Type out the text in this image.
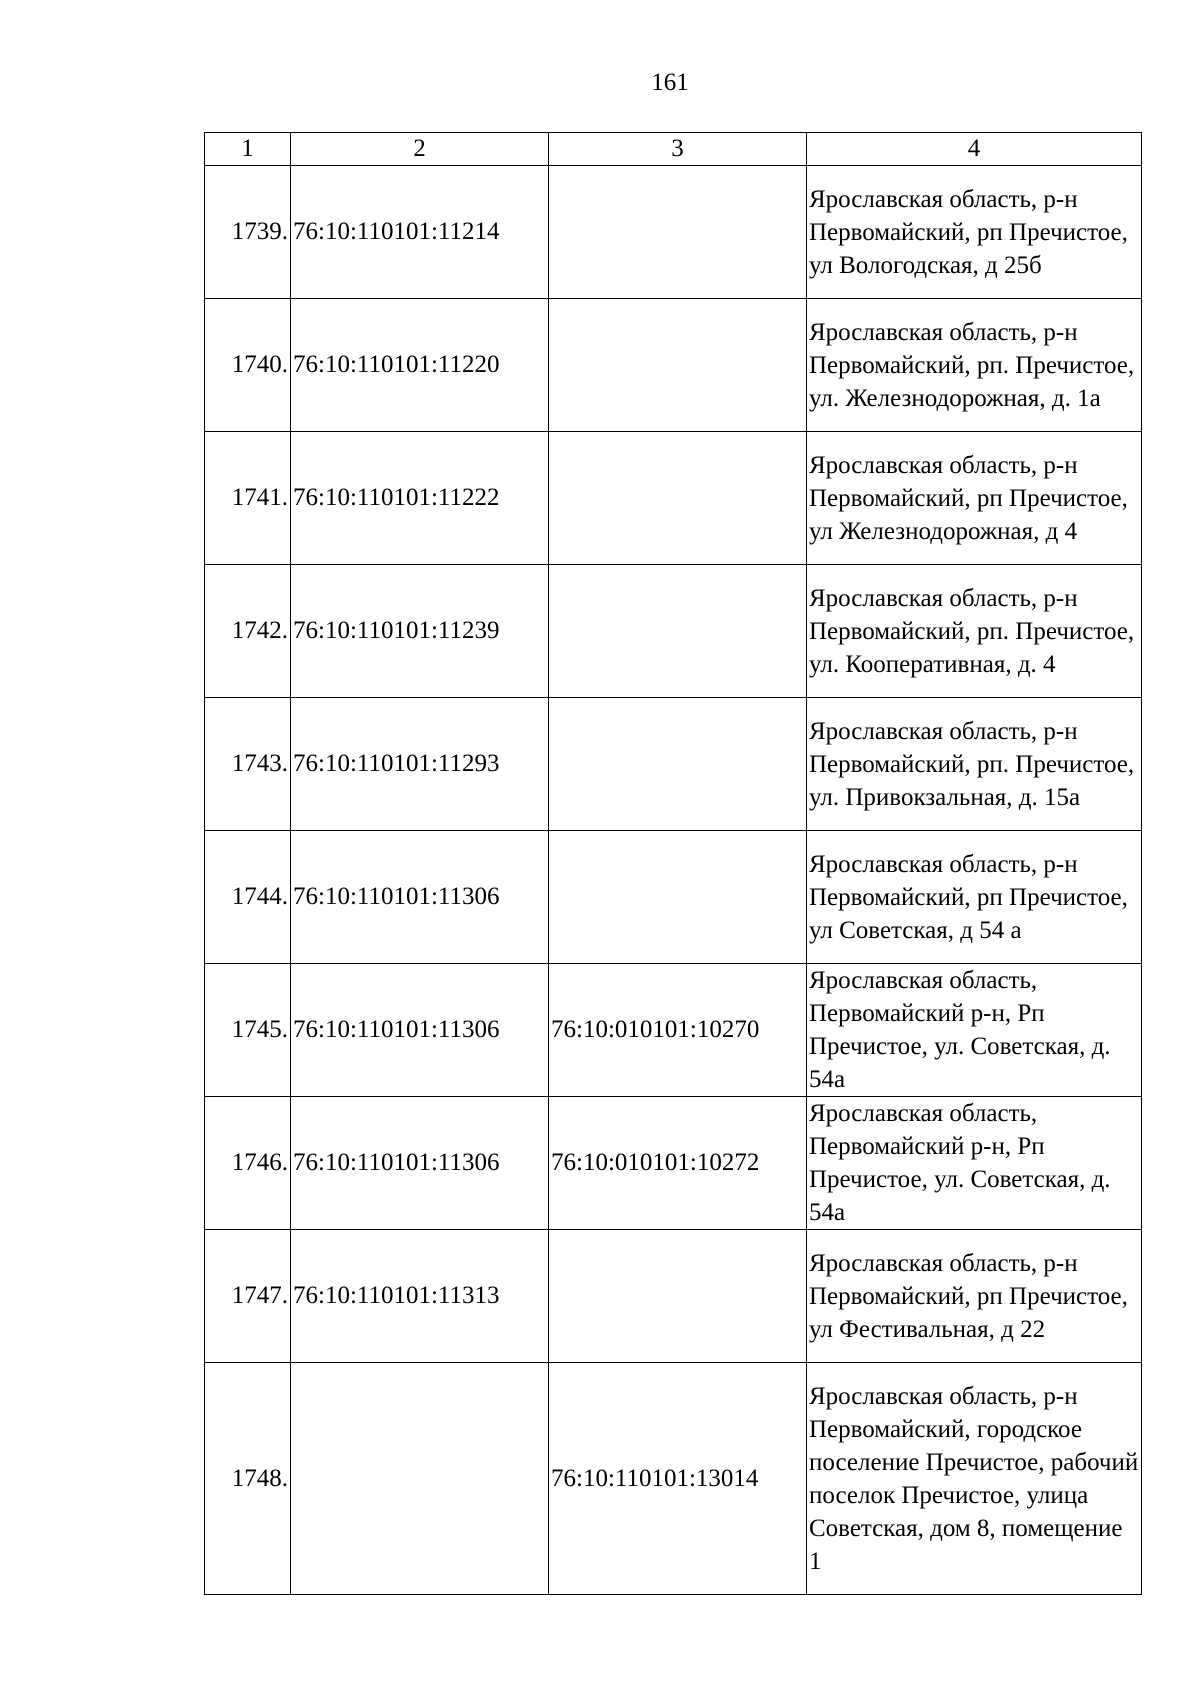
161
1	2	3	4
1739.	76:10:110101:11214		Ярославская область, р-н Первомайский, рп Пречистое, ул Вологодская, д 25б
1740.	76:10:110101:11220		Ярославская область, р-н Первомайский, рп. Пречистое, ул. Железнодорожная, д. 1а
1741.	76:10:110101:11222		Ярославская область, р-н Первомайский, рп Пречистое, ул Железнодорожная, д 4
1742.	76:10:110101:11239		Ярославская область, р-н Первомайский, рп. Пречистое, ул. Кооперативная, д. 4
1743.	76:10:110101:11293		Ярославская область, р-н Первомайский, рп. Пречистое, ул. Привокзальная, д. 15а
1744.	76:10:110101:11306		Ярославская область, р-н Первомайский, рп Пречистое, ул Советская, д 54 а
1745.	76:10:110101:11306	76:10:010101:10270	Ярославская область, Первомайский р-н, Рп Пречистое, ул. Советская, д. 54а
1746.	76:10:110101:11306	76:10:010101:10272	Ярославская область, Первомайский р-н, Рп Пречистое, ул. Советская, д. 54а
1747.	76:10:110101:11313		Ярославская область, р-н Первомайский, рп Пречистое, ул Фестивальная, д 22
1748.		76:10:110101:13014	Ярославская область, р-н Первомайский, городское поселение Пречистое, рабочий поселок Пречистое, улица Советская, дом 8, помещение 1
